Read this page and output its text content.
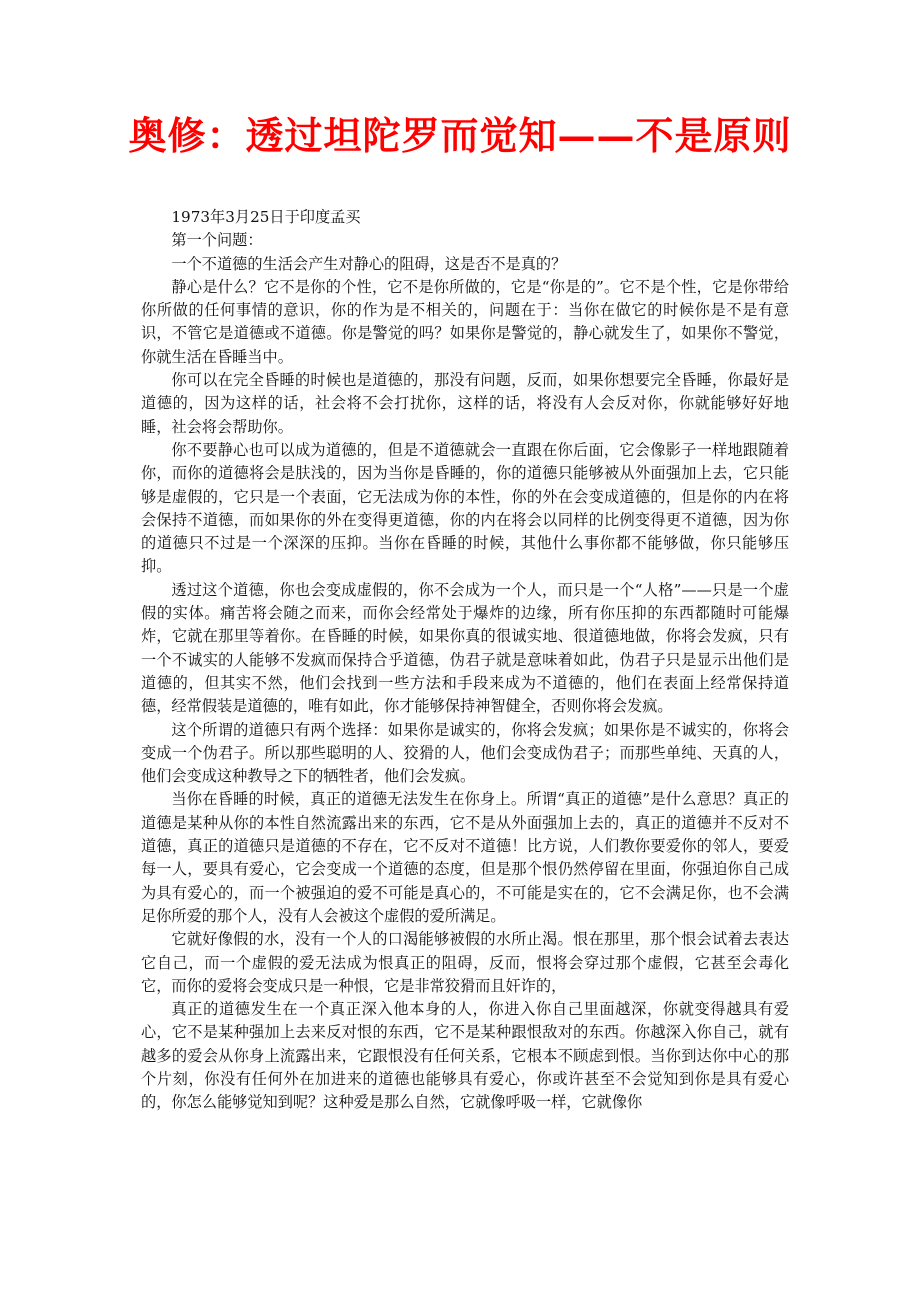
奥修：透过坦陀罗而觉知——不是原则

1973年3月25日于印度孟买

第一个问题：

一个不道德的生活会产生对静心的阻碍，这是否不是真的？

静心是什么？它不是你的个性，它不是你所做的，它是“你是的”。它不是个性，它是你带给你所做的任何事情的意识，你的作为是不相关的，问题在于：当你在做它的时候你是不是有意识，不管它是道德或不道德。你是警觉的吗？如果你是警觉的，静心就发生了，如果你不警觉，你就生活在昏睡当中。

你可以在完全昏睡的时候也是道德的，那没有问题，反而，如果你想要完全昏睡，你最好是道德的，因为这样的话，社会将不会打扰你，这样的话，将没有人会反对你，你就能够好好地睡，社会将会帮助你。

你不要静心也可以成为道德的，但是不道德就会一直跟在你后面，它会像影子一样地跟随着你，而你的道德将会是肤浅的，因为当你是昏睡的，你的道德只能够被从外面强加上去，它只能够是虚假的，它只是一个表面，它无法成为你的本性，你的外在会变成道德的，但是你的内在将会保持不道德，而如果你的外在变得更道德，你的内在将会以同样的比例变得更不道德，因为你的道德只不过是一个深深的压抑。当你在昏睡的时候，其他什么事你都不能够做，你只能够压抑。

透过这个道德，你也会变成虚假的，你不会成为一个人，而只是一个“人格”——只是一个虚假的实体。痛苦将会随之而来，而你会经常处于爆炸的边缘，所有你压抑的东西都随时可能爆炸，它就在那里等着你。在昏睡的时候，如果你真的很诚实地、很道德地做，你将会发疯，只有一个不诚实的人能够不发疯而保持合乎道德，伪君子就是意味着如此，伪君子只是显示出他们是道德的，但其实不然，他们会找到一些方法和手段来成为不道德的，他们在表面上经常保持道德，经常假装是道德的，唯有如此，你才能够保持神智健全，否则你将会发疯。

这个所谓的道德只有两个选择：如果你是诚实的，你将会发疯；如果你是不诚实的，你将会变成一个伪君子。所以那些聪明的人、狡猾的人，他们会变成伪君子；而那些单纯、天真的人，他们会变成这种教导之下的牺牲者，他们会发疯。

当你在昏睡的时候，真正的道德无法发生在你身上。所谓“真正的道德”是什么意思？真正的道德是某种从你的本性自然流露出来的东西，它不是从外面强加上去的，真正的道德并不反对不道德，真正的道德只是道德的不存在，它不反对不道德！比方说，人们教你要爱你的邻人，要爱每一人，要具有爱心，它会变成一个道德的态度，但是那个恨仍然停留在里面，你强迫你自己成为具有爱心的，而一个被强迫的爱不可能是真心的，不可能是实在的，它不会满足你，也不会满足你所爱的那个人，没有人会被这个虚假的爱所满足。

它就好像假的水，没有一个人的口渴能够被假的水所止渴。恨在那里，那个恨会试着去表达它自己，而一个虚假的爱无法成为恨真正的阻碍，反而，恨将会穿过那个虚假，它甚至会毒化它，而你的爱将会变成只是一种恨，它是非常狡猾而且奸诈的，

真正的道德发生在一个真正深入他本身的人，你进入你自己里面越深，你就变得越具有爱心，它不是某种强加上去来反对恨的东西，它不是某种跟恨敌对的东西。你越深入你自己，就有越多的爱会从你身上流露出来，它跟恨没有任何关系，它根本不顾虑到恨。当你到达你中心的那个片刻，你没有任何外在加进来的道德也能够具有爱心，你或许甚至不会觉知到你是具有爱心的，你怎么能够觉知到呢？这种爱是那么自然，它就像呼吸一样，它就像你
